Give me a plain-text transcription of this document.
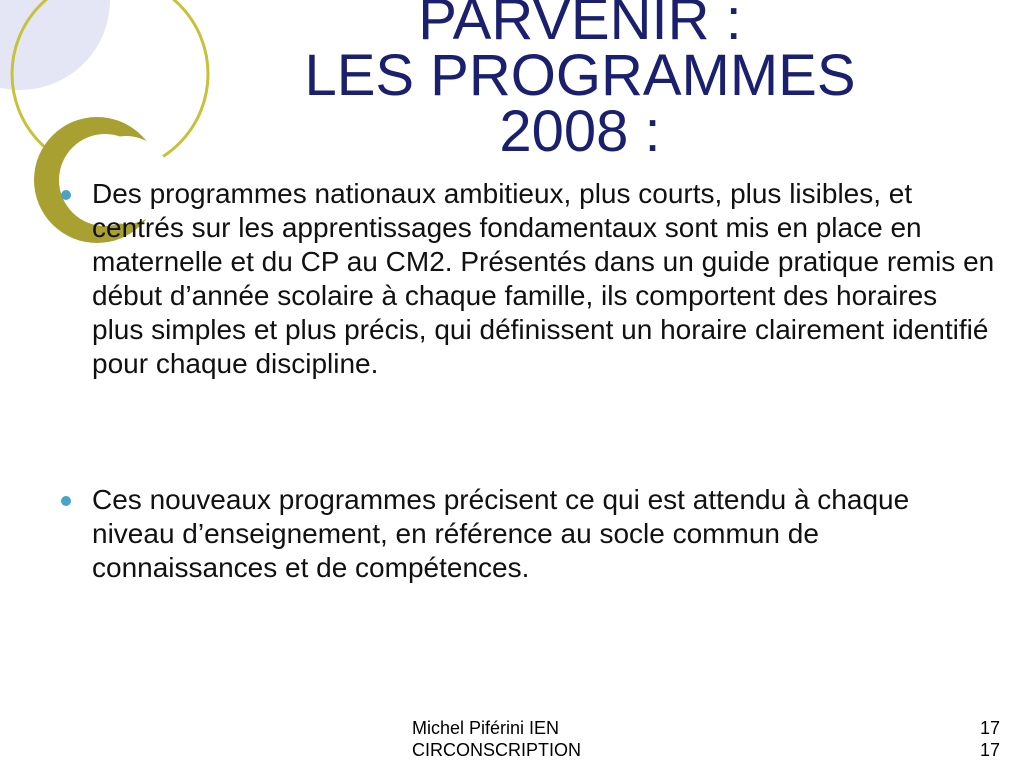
PARVENIR :
LES PROGRAMMES
2008 :
Des programmes nationaux ambitieux, plus courts, plus lisibles, et centrés sur les apprentissages fondamentaux sont mis en place en maternelle et du CP au CM2. Présentés dans un guide pratique remis en début d’année scolaire à chaque famille, ils comportent des horaires plus simples et plus précis, qui définissent un horaire clairement identifié pour chaque discipline.
Ces nouveaux programmes précisent ce qui est attendu à chaque niveau d’enseignement, en référence au socle commun de connaissances et de compétences.
Michel Piférini IEN
CIRCONSCRIPTION
17
17
